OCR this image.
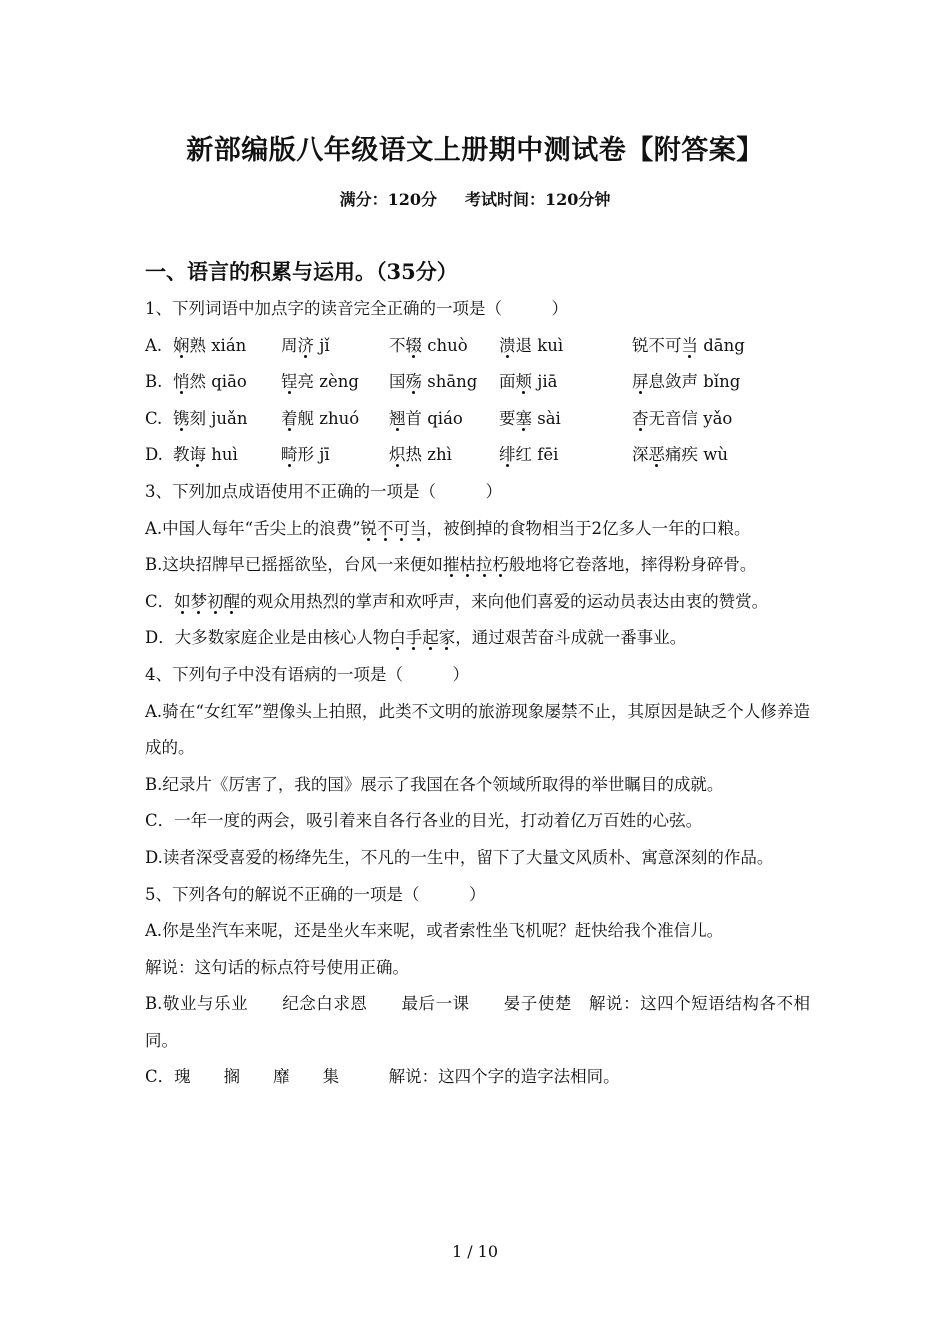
新部编版八年级语文上册期中测试卷【附答案】
满分：120分 考试时间：120分钟
一、语言的积累与运用。（35分）
1、下列词语中加点字的读音完全正确的一项是（　　　）
A. 娴熟 xián 周济 jǐ	不辍 chuò 溃退 kuì	锐不可当 dāng
B. 悄然 qiāo 锃亮 zèng 国殇 shāng 面颊 jiā	屏息敛声 bǐng
C. 镌刻 juǎn 着舰 zhuó 翘首 qiáo 要塞 sài	杳无音信 yǎo
D. 教诲 huì	畸形 jī	炽热 zhì	绯红 fēi	深恶痛疾 wù
3、下列加点成语使用不正确的一项是（　　　）
A.中国人每年“舌尖上的浪费”锐不可当，被倒掉的食物相当于2亿多人一年的口粮。
B.这块招牌早已摇摇欲坠，台风一来便如摧枯拉朽般地将它卷落地，摔得粉身碎骨。
C．如梦初醒的观众用热烈的掌声和欢呼声，来向他们喜爱的运动员表达由衷的赞赏。
D．大多数家庭企业是由核心人物白手起家，通过艰苦奋斗成就一番事业。
4、下列句子中没有语病的一项是（　　　）
A.骑在“女红军”塑像头上拍照，此类不文明的旅游现象屡禁不止，其原因是缺乏个人修养造成的。
B.纪录片《厉害了，我的国》展示了我国在各个领域所取得的举世瞩目的成就。
C．一年一度的两会，吸引着来自各行各业的目光，打动着亿万百姓的心弦。
D.读者深受喜爱的杨绛先生，不凡的一生中，留下了大量文风质朴、寓意深刻的作品。
5、下列各句的解说不正确的一项是（　　　）
A.你是坐汽车来呢，还是坐火车来呢，或者索性坐飞机呢？赶快给我个准信儿。
解说：这句话的标点符号使用正确。
B.敬业与乐业　　纪念白求恩　　最后一课　　晏子使楚　解说：这四个短语结构各不相同。
C．瑰　　搁　　靡　　集　　　解说：这四个字的造字法相同。
1 / 10
